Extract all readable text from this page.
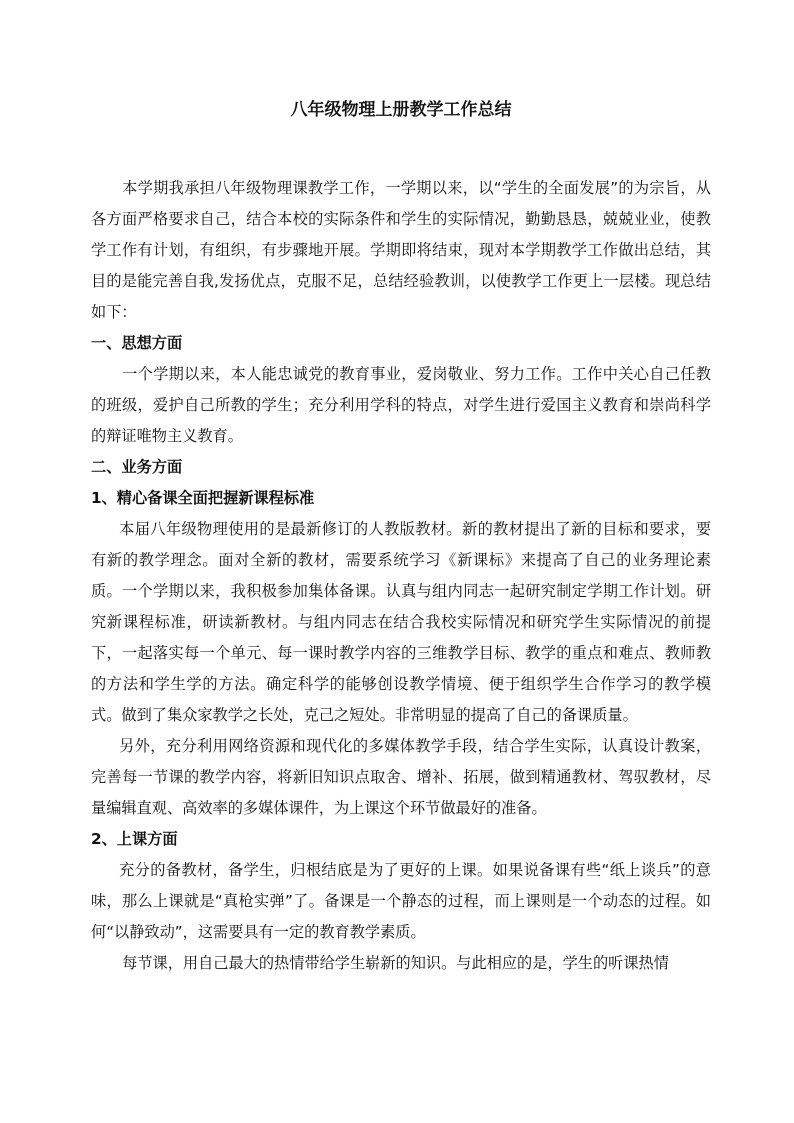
八年级物理上册教学工作总结

本学期我承担八年级物理课教学工作，一学期以来，以“学生的全面发展”的为宗旨，从各方面严格要求自己，结合本校的实际条件和学生的实际情况，勤勤恳恳，兢兢业业，使教学工作有计划，有组织，有步骤地开展。学期即将结束，现对本学期教学工作做出总结，其目的是能完善自我,发扬优点，克服不足，总结经验教训，以使教学工作更上一层楼。现总结如下：

一、思想方面

一个学期以来，本人能忠诚党的教育事业，爱岗敬业、努力工作。工作中关心自己任教的班级，爱护自己所教的学生；充分利用学科的特点，对学生进行爱国主义教育和崇尚科学的辩证唯物主义教育。

二、业务方面

1、精心备课全面把握新课程标准

本届八年级物理使用的是最新修订的人教版教材。新的教材提出了新的目标和要求，要有新的教学理念。面对全新的教材，需要系统学习《新课标》来提高了自己的业务理论素质。一个学期以来，我积极参加集体备课。认真与组内同志一起研究制定学期工作计划。研究新课程标准，研读新教材。与组内同志在结合我校实际情况和研究学生实际情况的前提下，一起落实每一个单元、每一课时教学内容的三维教学目标、教学的重点和难点、教师教的方法和学生学的方法。确定科学的能够创设教学情境、便于组织学生合作学习的教学模式。做到了集众家教学之长处，克己之短处。非常明显的提高了自己的备课质量。

另外，充分利用网络资源和现代化的多媒体教学手段，结合学生实际，认真设计教案，完善每一节课的教学内容，将新旧知识点取舍、增补、拓展，做到精通教材、驾驭教材，尽量编辑直观、高效率的多媒体课件，为上课这个环节做最好的准备。

2、上课方面

充分的备教材，备学生，归根结底是为了更好的上课。如果说备课有些“纸上谈兵”的意味，那么上课就是“真枪实弹”了。备课是一个静态的过程，而上课则是一个动态的过程。如何“以静致动”，这需要具有一定的教育教学素质。

每节课，用自己最大的热情带给学生崭新的知识。与此相应的是，学生的听课热情
